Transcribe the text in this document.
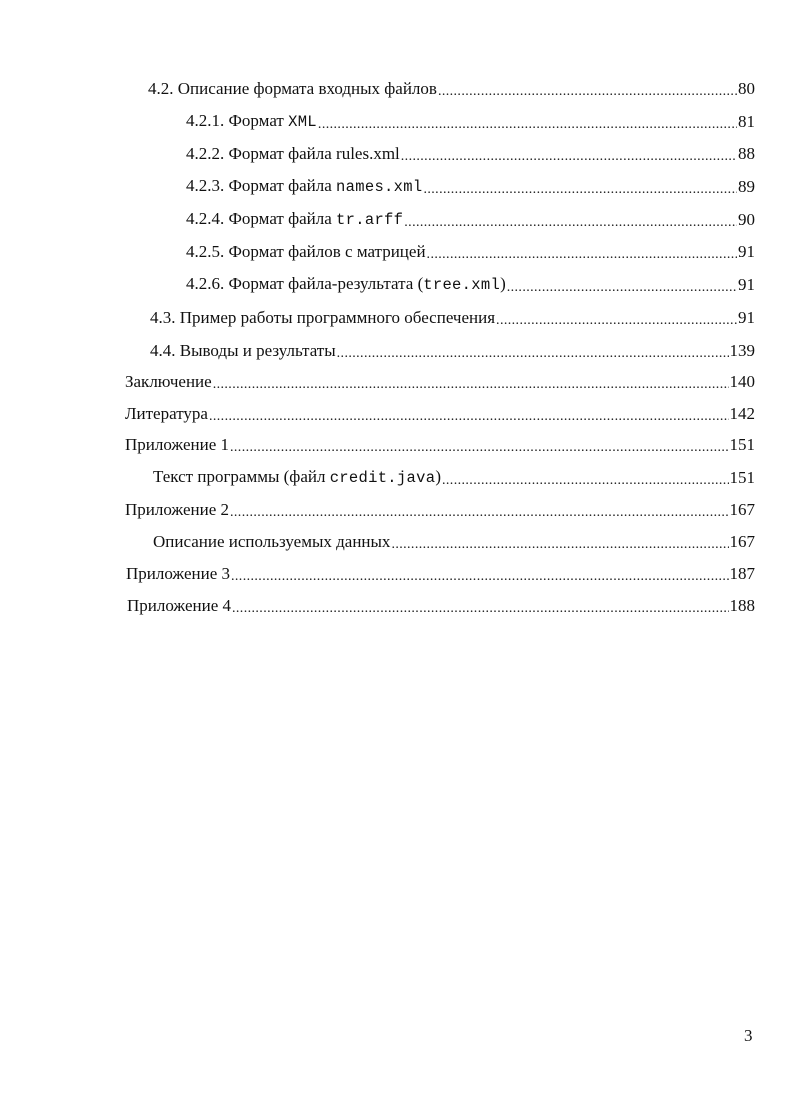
4.2. Описание формата входных файлов .....	80
4.2.1. Формат XML .....	81
4.2.2. Формат файла rules.xml .....	88
4.2.3. Формат файла names.xml .....	89
4.2.4. Формат файла tr.arff .....	90
4.2.5. Формат файлов с матрицей .....	91
4.2.6. Формат файла-результата (tree.xml) .....	91
4.3. Пример работы программного обеспечения .....	91
4.4. Выводы и результаты .....	139
Заключение .....	140
Литература .....	142
Приложение 1 .....	151
Текст программы (файл credit.java) .....	151
Приложение 2 .....	167
Описание используемых данных .....	167
Приложение 3 .....	187
Приложение 4 .....	188
3
